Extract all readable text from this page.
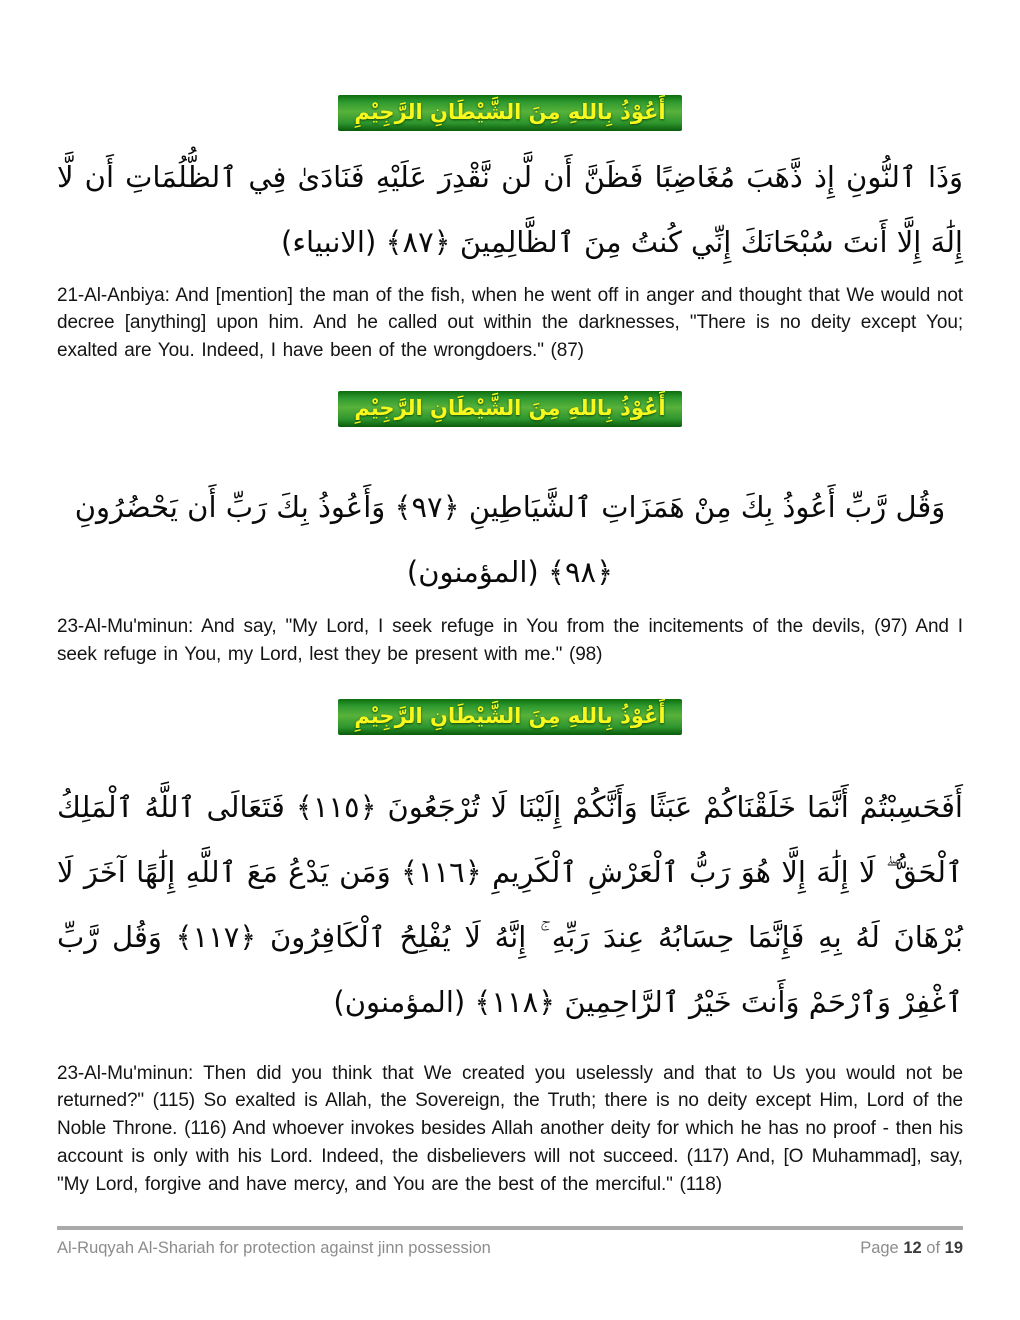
أَعُوْذُ بِاللهِ مِنَ الشَّيْطَانِ الرَّجِيْمِ

وَذَا ٱلنُّونِ إِذ ذَّهَبَ مُغَاضِبًا فَظَنَّ أَن لَّن نَّقْدِرَ عَلَيْهِ فَنَادَىٰ فِي ٱلظُّلُمَاتِ أَن لَّا إِلَٰهَ إِلَّا أَنتَ سُبْحَانَكَ إِنِّي كُنتُ مِنَ ٱلظَّالِمِينَ ﴿٨٧﴾ (الانبياء)

21-Al-Anbiya: And [mention] the man of the fish, when he went off in anger and thought that We would not decree [anything] upon him. And he called out within the darknesses, "There is no deity except You; exalted are You. Indeed, I have been of the wrongdoers." (87)

أَعُوْذُ بِاللهِ مِنَ الشَّيْطَانِ الرَّجِيْمِ

وَقُل رَّبِّ أَعُوذُ بِكَ مِنْ هَمَزَاتِ ٱلشَّيَاطِينِ ﴿٩٧﴾ وَأَعُوذُ بِكَ رَبِّ أَن يَحْضُرُونِ ﴿٩٨﴾ (المؤمنون)

23-Al-Mu'minun: And say, "My Lord, I seek refuge in You from the incitements of the devils, (97) And I seek refuge in You, my Lord, lest they be present with me." (98)

أَعُوْذُ بِاللهِ مِنَ الشَّيْطَانِ الرَّجِيْمِ

أَفَحَسِبْتُمْ أَنَّمَا خَلَقْنَاكُمْ عَبَثًا وَأَنَّكُمْ إِلَيْنَا لَا تُرْجَعُونَ ﴿١١٥﴾ فَتَعَالَى ٱللَّهُ ٱلْمَلِكُ ٱلْحَقُّ ۖ لَا إِلَٰهَ إِلَّا هُوَ رَبُّ ٱلْعَرْشِ ٱلْكَرِيمِ ﴿١١٦﴾ وَمَن يَدْعُ مَعَ ٱللَّهِ إِلَٰهًا آخَرَ لَا بُرْهَانَ لَهُ بِهِ فَإِنَّمَا حِسَابُهُ عِندَ رَبِّهِ ۚ إِنَّهُ لَا يُفْلِحُ ٱلْكَافِرُونَ ﴿١١٧﴾ وَقُل رَّبِّ ٱغْفِرْ وَٱرْحَمْ وَأَنتَ خَيْرُ ٱلرَّاحِمِينَ ﴿١١٨﴾ (المؤمنون)

23-Al-Mu'minun: Then did you think that We created you uselessly and that to Us you would not be returned?" (115) So exalted is Allah, the Sovereign, the Truth; there is no deity except Him, Lord of the Noble Throne. (116) And whoever invokes besides Allah another deity for which he has no proof - then his account is only with his Lord. Indeed, the disbelievers will not succeed. (117) And, [O Muhammad], say, "My Lord, forgive and have mercy, and You are the best of the merciful." (118)

Al-Ruqyah Al-Shariah for protection against jinn possession	Page 12 of 19
